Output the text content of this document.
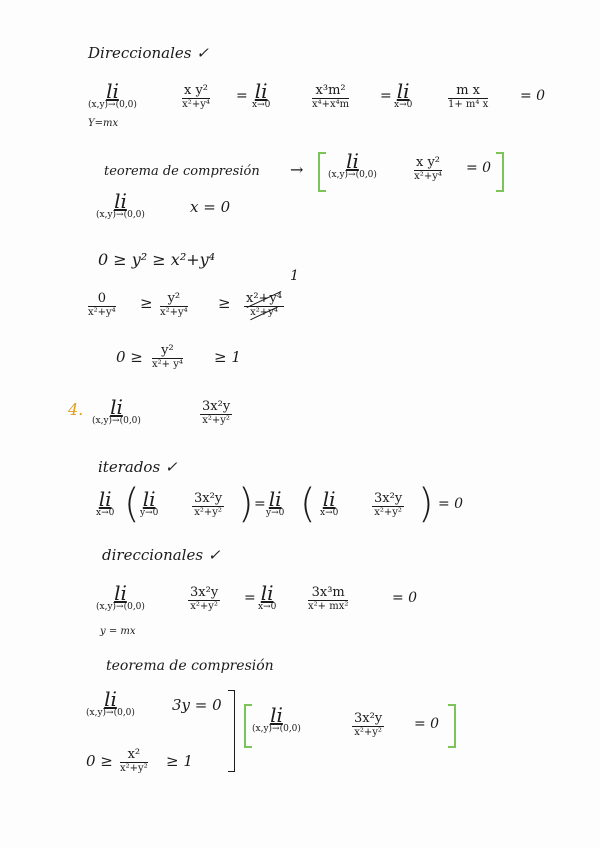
Direccionales ✓
li
(x,y)→(0,0)
x y²
x²+y⁴
= li
x→0
x³m²
x⁴+x⁴m
= li
x→0
m x
1+ m⁴ x
= 0
Y=mx
teorema de compresión →	li
(x,y)→(0,0)
x y²
x²+y⁴
= 0
li
(x,y)→(0,0)	x = 0
0 ≥ y² ≥ x²+y⁴
0
x²+y⁴
≥	y²
x²+y⁴
≥ x²+y⁴
x²+y⁴
1
0 ≥	y²
x²+ y⁴ ≥ 1
4.	li
(x,y)→(0,0)
3x²y
x²+y²
iterados ✓
li
x→0 ( li
y→0
3x²y
x²+y² ) = li
y→0 ( li
x→0
3x²y
x²+y² ) = 0
direccionales ✓
li
(x,y)→(0,0)
3x²y
x²+y²
= li
x→0
3x³m
x²+ mx²
= 0
y = mx
teorema de compresión
li
(x,y)→(0,0) 3y = 0
0 ≥	x²
x²+y² ≥ 1
li
(x,y)→(0,0)
3x²y
x²+y²
= 0
